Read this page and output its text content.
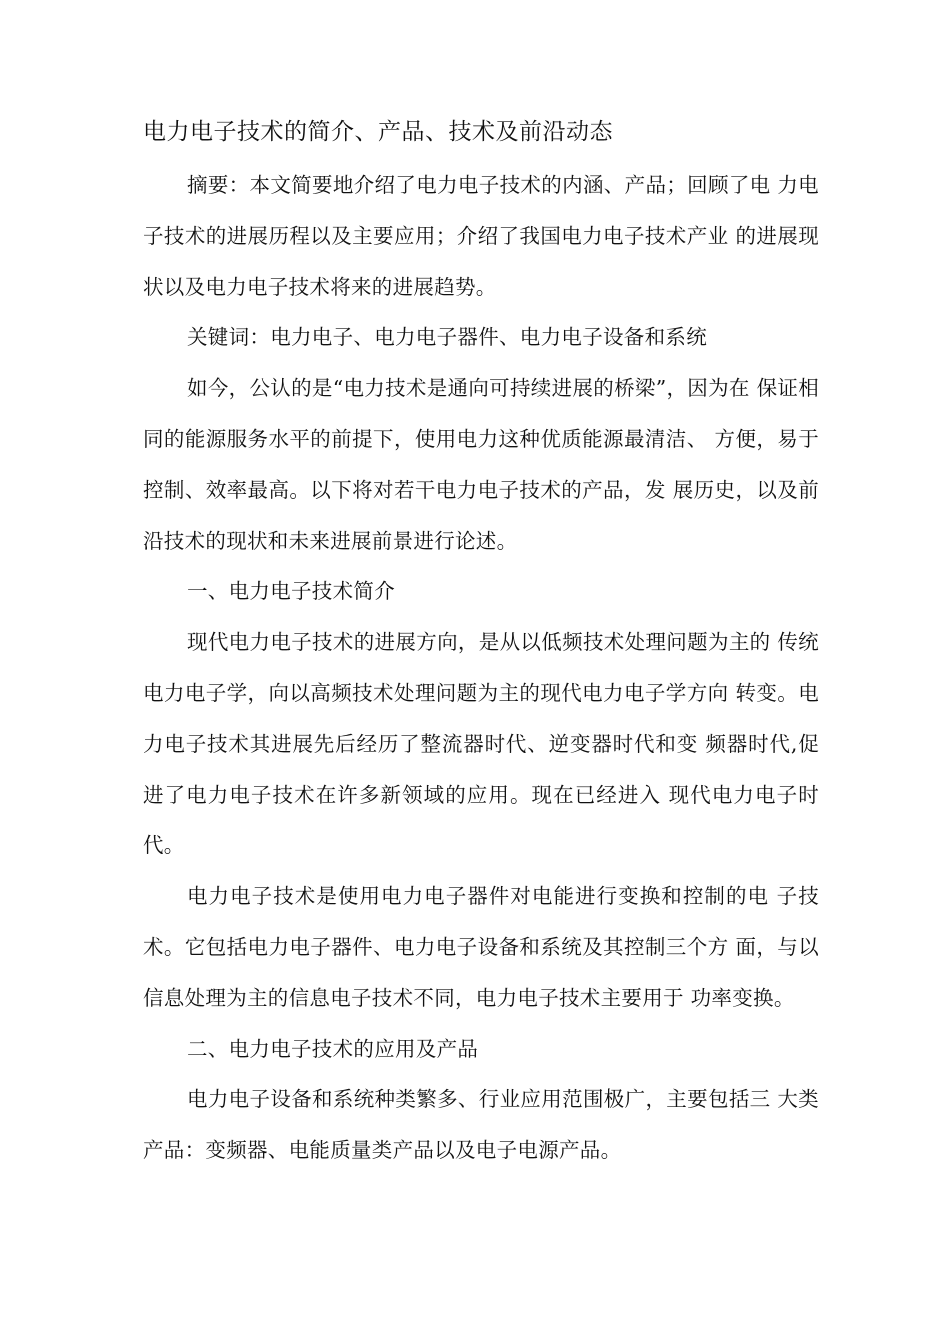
电力电子技术的简介、产品、技术及前沿动态

摘要：本文简要地介绍了电力电子技术的内涵、产品；回顾了电 力电子技术的进展历程以及主要应用；介绍了我国电力电子技术产业 的进展现状以及电力电子技术将来的进展趋势。

关键词：电力电子、电力电子器件、电力电子设备和系统

如今，公认的是“电力技术是通向可持续进展的桥梁”，因为在 保证相同的能源服务水平的前提下，使用电力这种优质能源最清洁、 方便，易于控制、效率最高。以下将对若干电力电子技术的产品，发 展历史，以及前沿技术的现状和未来进展前景进行论述。

一、电力电子技术简介

现代电力电子技术的进展方向，是从以低频技术处理问题为主的 传统电力电子学，向以高频技术处理问题为主的现代电力电子学方向 转变。电力电子技术其进展先后经历了整流器时代、逆变器时代和变 频器时代,促进了电力电子技术在许多新领域的应用。现在已经进入 现代电力电子时代。

电力电子技术是使用电力电子器件对电能进行变换和控制的电 子技术。它包括电力电子器件、电力电子设备和系统及其控制三个方 面，与以信息处理为主的信息电子技术不同，电力电子技术主要用于 功率变换。

二、电力电子技术的应用及产品

电力电子设备和系统种类繁多、行业应用范围极广，主要包括三 大类产品：变频器、电能质量类产品以及电子电源产品。
